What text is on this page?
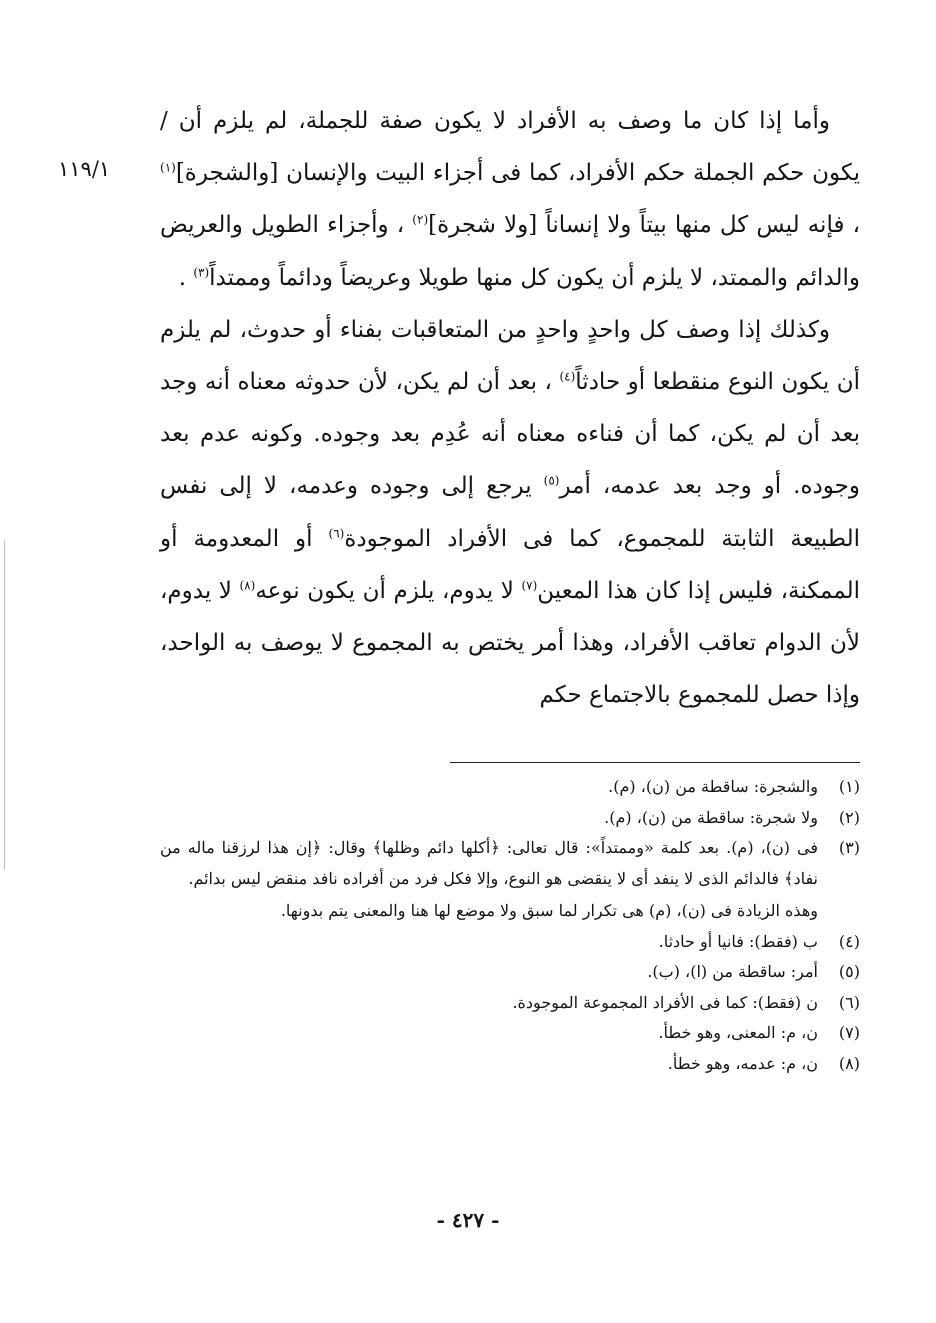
١١٩/١

وأما إذا كان ما وصف به الأفراد لا يكون صفة للجملة، لم يلزم أن / يكون حكم الجملة حكم الأفراد، كما فى أجزاء البيت والإنسان [والشجرة]$^{(١)}$ ، فإنه ليس كل منها بيتاً ولا إنساناً [ولا شجرة]$^{(٢)}$ ، وأجزاء الطويل والعريض والدائم والممتد، لا يلزم أن يكون كل منها طويلا وعريضاً ودائماً وممتداً$^{(٣)}$ .

وكذلك إذا وصف كل واحدٍ واحدٍ من المتعاقبات بفناء أو حدوث، لم يلزم أن يكون النوع منقطعا أو حادثاً$^{(٤)}$ ، بعد أن لم يكن، لأن حدوثه معناه أنه وجد بعد أن لم يكن، كما أن فناءه معناه أنه عُدِم بعد وجوده. وكونه عدم بعد وجوده. أو وجد بعد عدمه، أمر$^{(٥)}$ يرجع إلى وجوده وعدمه، لا إلى نفس الطبيعة الثابتة للمجموع، كما فى الأفراد الموجودة$^{(٦)}$ أو المعدومة أو الممكنة، فليس إذا كان هذا المعين$^{(٧)}$ لا يدوم، يلزم أن يكون نوعه$^{(٨)}$ لا يدوم، لأن الدوام تعاقب الأفراد، وهذا أمر يختص به المجموع لا يوصف به الواحد، وإذا حصل للمجموع بالاجتماع حكم

(١)
والشجرة: ساقطة من (ن)، (م).
(٢)
ولا شجرة: ساقطة من (ن)، (م).
(٣)
فى (ن)، (م). بعد كلمة «وممتداً»: قال تعالى: ﴿أكلها دائم وظلها﴾ وقال: ﴿إن هذا لرزقنا ماله من نفاد﴾ فالدائم الذى لا ينفد أى لا ينقضى هو النوع، وإلا فكل فرد من أفراده نافد منقض ليس بدائم.
وهذه الزيادة فى (ن)، (م) هى تكرار لما سبق ولا موضع لها هنا والمعنى يتم بدونها.
(٤)
ب (فقط): فانيا أو حادثا.
(٥)
أمر: ساقطة من (ا)، (ب).
(٦)
ن (فقط): كما فى الأفراد المجموعة الموجودة.
(٧)
ن، م: المعنى، وهو خطأ.
(٨)
ن، م: عدمه، وهو خطأ.
- ٤٢٧ -
